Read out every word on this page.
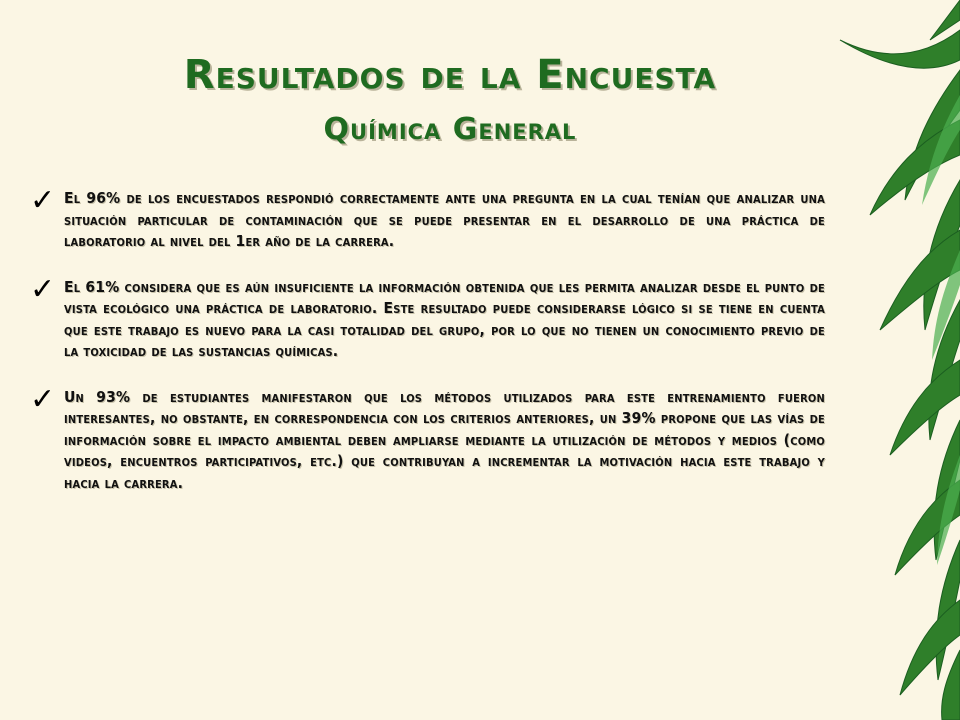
Resultados de la Encuesta
Química General
✓ El 96% de los encuestados respondió correctamente ante una pregunta en la cual tenían que analizar una situación particular de contaminación que se puede presentar en el desarrollo de una práctica de laboratorio al nivel del 1er año de la carrera.

✓ El 61% considera que es aún insuficiente la información obtenida que les permita analizar desde el punto de vista ecológico una práctica de laboratorio. Este resultado puede considerarse lógico si se tiene en cuenta que este trabajo es nuevo para la casi totalidad del grupo, por lo que no tienen un conocimiento previo de la toxicidad de las sustancias químicas.

✓ Un 93% de estudiantes manifestaron que los métodos utilizados para este entrenamiento fueron interesantes, no obstante, en correspondencia con los criterios anteriores, un 39% propone que las vías de información sobre el impacto ambiental deben ampliarse mediante la utilización de métodos y medios (como videos, encuentros participativos, etc.) que contribuyan a incrementar la motivación hacia este trabajo y hacia la carrera.
